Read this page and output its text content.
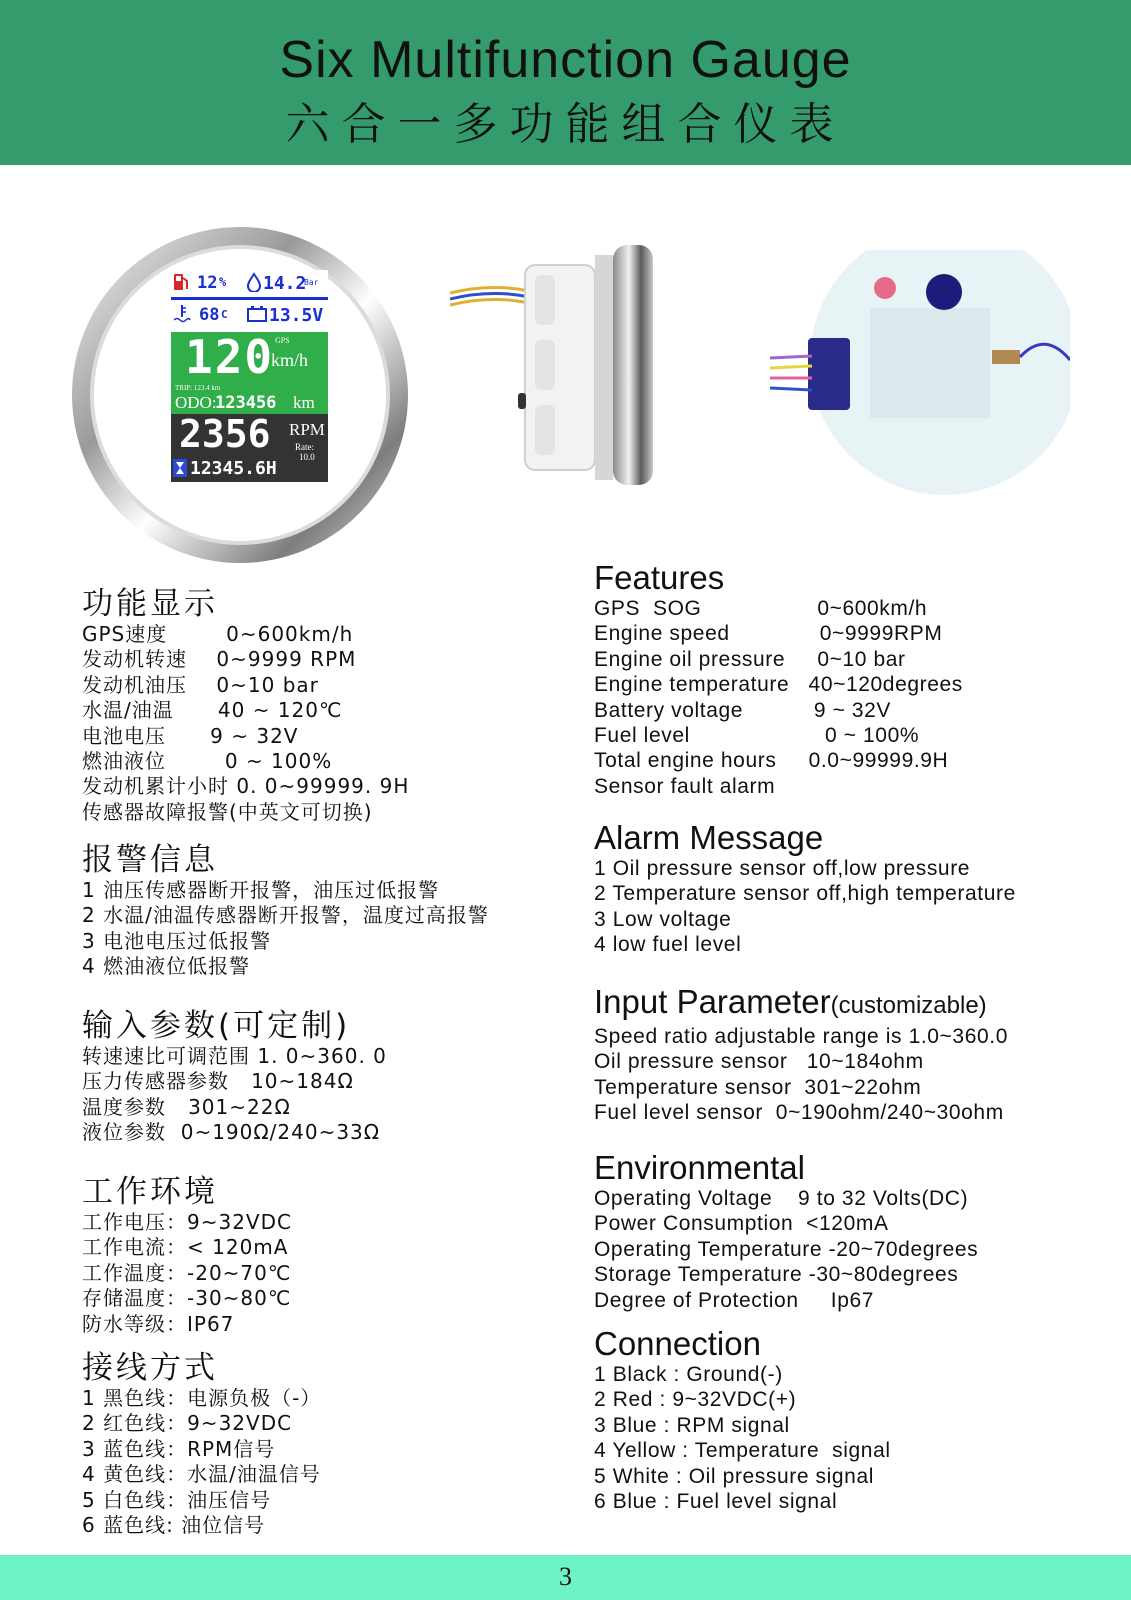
Six Multifunction Gauge
六合一多功能组合仪表
12 % 14.2
Bar
68 C 13.5V
120 GPS
km/h
TRIP: 123.4 km
ODO:
123456 km
2356 RPM
Rate:
10.0
12345.6H
功能显示
GPS速度        0~600km/h
发动机转速    0~9999 RPM
发动机油压    0~10 bar
水温/油温      40 ~ 120℃
电池电压      9 ~ 32V
燃油液位        0 ~ 100%
发动机累计小时 0. 0~99999. 9H
传感器故障报警(中英文可切换)
报警信息
1 油压传感器断开报警，油压过低报警
2 水温/油温传感器断开报警，温度过高报警
3 电池电压过低报警
4 燃油液位低报警
输入参数(可定制)
转速速比可调范围 1. 0~360. 0
压力传感器参数   10~184Ω
温度参数   301~22Ω
液位参数  0~190Ω/240~33Ω
工作环境
工作电压：9~32VDC
工作电流：< 120mA
工作温度：-20~70℃
存储温度：-30~80℃
防水等级：IP67
接线方式
1 黑色线：电源负极（-）
2 红色线：9~32VDC
3 蓝色线：RPM信号
4 黄色线：水温/油温信号
5 白色线：油压信号
6 蓝色线: 油位信号
Features
GPS  SOG                  0~600km/h
Engine speed              0~9999RPM
Engine oil pressure     0~10 bar
Engine temperature   40~120degrees
Battery voltage           9 ~ 32V
Fuel level                     0 ~ 100%
Total engine hours     0.0~99999.9H
Sensor fault alarm
Alarm Message
1 Oil pressure sensor off,low pressure
2 Temperature sensor off,high temperature
3 Low voltage
4 low fuel level
Input Parameter(customizable)
Speed ratio adjustable range is 1.0~360.0
Oil pressure sensor   10~184ohm
Temperature sensor  301~22ohm
Fuel level sensor  0~190ohm/240~30ohm
Environmental
Operating Voltage    9 to 32 Volts(DC)
Power Consumption  <120mA
Operating Temperature -20~70degrees
Storage Temperature -30~80degrees
Degree of Protection     Ip67
Connection
1 Black : Ground(-)
2 Red : 9~32VDC(+)
3 Blue : RPM signal
4 Yellow : Temperature  signal
5 White : Oil pressure signal
6 Blue : Fuel level signal
3
